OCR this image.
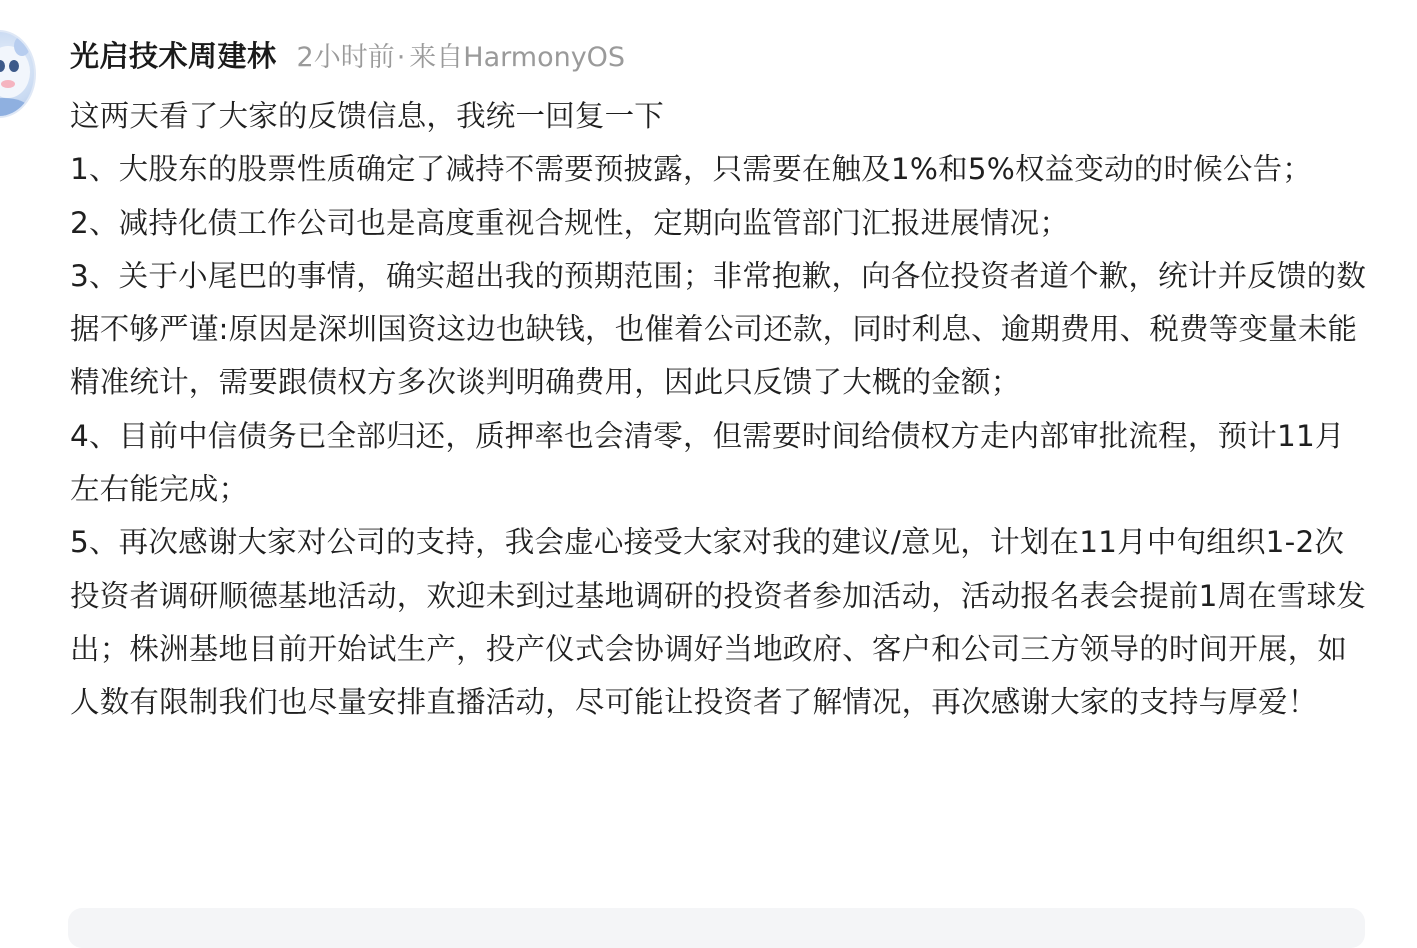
光启技术周建林 2小时前· 来自HarmonyOS

这两天看了大家的反馈信息，我统一回复一下

1、大股东的股票性质确定了减持不需要预披露，只需要在触及1%和5%权益变动的时候公告；

2、减持化债工作公司也是高度重视合规性，定期向监管部门汇报进展情况；

3、关于小尾巴的事情，确实超出我的预期范围；非常抱歉，向各位投资者道个歉，统计并反馈的数据不够严谨:原因是深圳国资这边也缺钱，也催着公司还款，同时利息、逾期费用、税费等变量未能精准统计，需要跟债权方多次谈判明确费用，因此只反馈了大概的金额；

4、目前中信债务已全部归还，质押率也会清零，但需要时间给债权方走内部审批流程，预计11月左右能完成；

5、再次感谢大家对公司的支持，我会虚心接受大家对我的建议/意见，计划在11月中旬组织1-2次投资者调研顺德基地活动，欢迎未到过基地调研的投资者参加活动，活动报名表会提前1周在雪球发出；株洲基地目前开始试生产，投产仪式会协调好当地政府、客户和公司三方领导的时间开展，如人数有限制我们也尽量安排直播活动，尽可能让投资者了解情况，再次感谢大家的支持与厚爱！
